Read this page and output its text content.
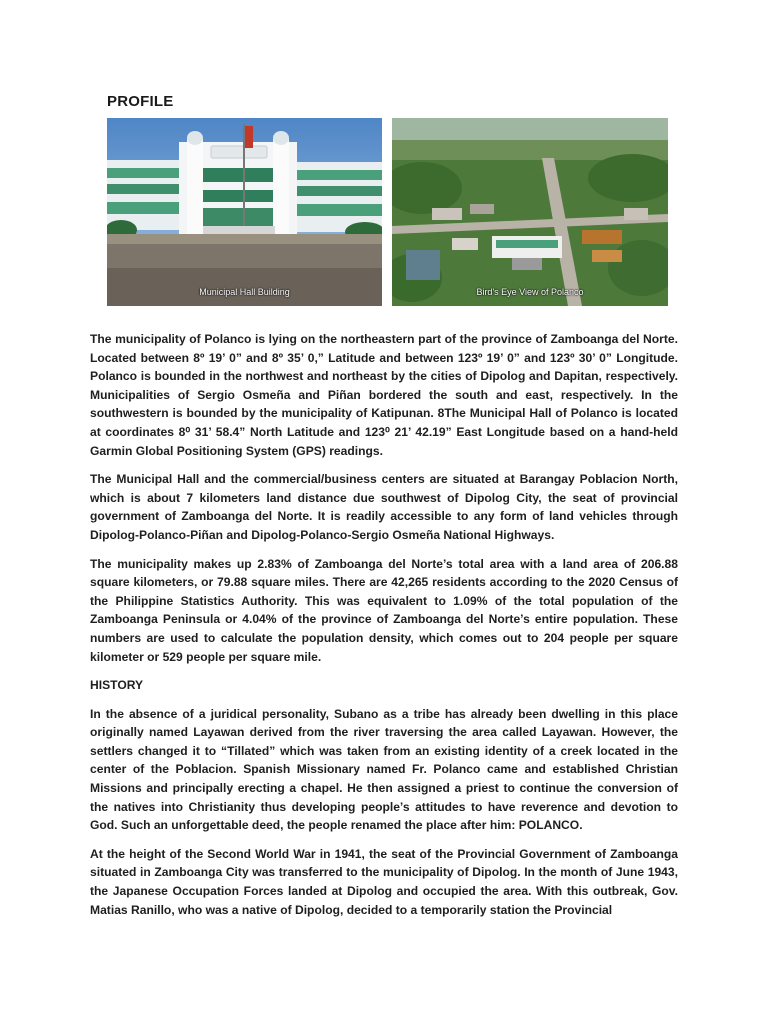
PROFILE
Municipal Hall Building	Bird's Eye View of Polanco

The municipality of Polanco is lying on the northeastern part of the province of Zamboanga del Norte. Located between 8º 19’ 0” and 8º 35’ 0,” Latitude and between 123º 19’ 0” and 123º 30’ 0” Longitude. Polanco is bounded in the northwest and northeast by the cities of Dipolog and Dapitan, respectively. Municipalities of Sergio Osmeña and Piñan bordered the south and east, respectively. In the southwestern is bounded by the municipality of Katipunan. 8The Municipal Hall of Polanco is located at coordinates 8⁰ 31’ 58.4” North Latitude and 123⁰ 21’ 42.19” East Longitude based on a hand-held Garmin Global Positioning System (GPS) readings.

The Municipal Hall and the commercial/business centers are situated at Barangay Poblacion North, which is about 7 kilometers land distance due southwest of Dipolog City, the seat of provincial government of Zamboanga del Norte. It is readily accessible to any form of land vehicles through Dipolog-Polanco-Piñan and Dipolog-Polanco-Sergio Osmeña National Highways.

The municipality makes up 2.83% of Zamboanga del Norte’s total area with a land area of 206.88 square kilometers, or 79.88 square miles. There are 42,265 residents according to the 2020 Census of the Philippine Statistics Authority. This was equivalent to 1.09% of the total population of the Zamboanga Peninsula or 4.04% of the province of Zamboanga del Norte’s entire population. These numbers are used to calculate the population density, which comes out to 204 people per square kilometer or 529 people per square mile.

HISTORY

In the absence of a juridical personality, Subano as a tribe has already been dwelling in this place originally named Layawan derived from the river traversing the area called Layawan. However, the settlers changed it to “Tillated” which was taken from an existing identity of a creek located in the center of the Poblacion. Spanish Missionary named Fr. Polanco came and established Christian Missions and principally erecting a chapel. He then assigned a priest to continue the conversion of the natives into Christianity thus developing people’s attitudes to have reverence and devotion to God. Such an unforgettable deed, the people renamed the place after him: POLANCO.

At the height of the Second World War in 1941, the seat of the Provincial Government of Zamboanga situated in Zamboanga City was transferred to the municipality of Dipolog. In the month of June 1943, the Japanese Occupation Forces landed at Dipolog and occupied the area. With this outbreak, Gov. Matias Ranillo, who was a native of Dipolog, decided to a temporarily station the Provincial
